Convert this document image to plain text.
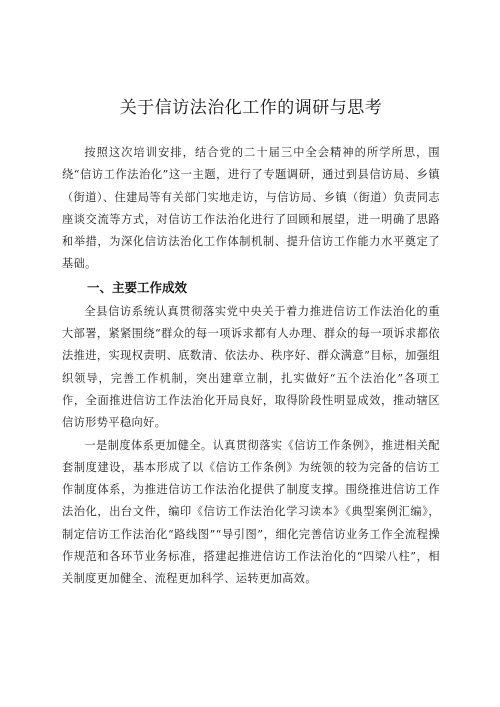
关于信访法治化工作的调研与思考

按照这次培训安排，结合党的二十届三中全会精神的所学所思，围绕“信访工作法治化”这一主题，进行了专题调研，通过到县信访局、乡镇（街道）、住建局等有关部门实地走访，与信访局、乡镇（街道）负责同志座谈交流等方式，对信访工作法治化进行了回顾和展望，进一明确了思路和举措，为深化信访法治化工作体制机制、提升信访工作能力水平奠定了基础。

一、主要工作成效

全县信访系统认真贯彻落实党中央关于着力推进信访工作法治化的重大部署，紧紧围绕“群众的每一项诉求都有人办理、群众的每一项诉求都依法推进，实现权责明、底数清、依法办、秩序好、群众满意”目标，加强组织领导，完善工作机制，突出建章立制，扎实做好“五个法治化”各项工作，全面推进信访工作法治化开局良好，取得阶段性明显成效，推动辖区信访形势平稳向好。

一是制度体系更加健全。认真贯彻落实《信访工作条例》，推进相关配套制度建设，基本形成了以《信访工作条例》为统领的较为完备的信访工作制度体系，为推进信访工作法治化提供了制度支撑。围绕推进信访工作法治化，出台文件，编印《信访工作法治化学习读本》《典型案例汇编》，制定信访工作法治化“路线图”“导引图”，细化完善信访业务工作全流程操作规范和各环节业务标准，搭建起推进信访工作法治化的“四梁八柱”，相关制度更加健全、流程更加科学、运转更加高效。
